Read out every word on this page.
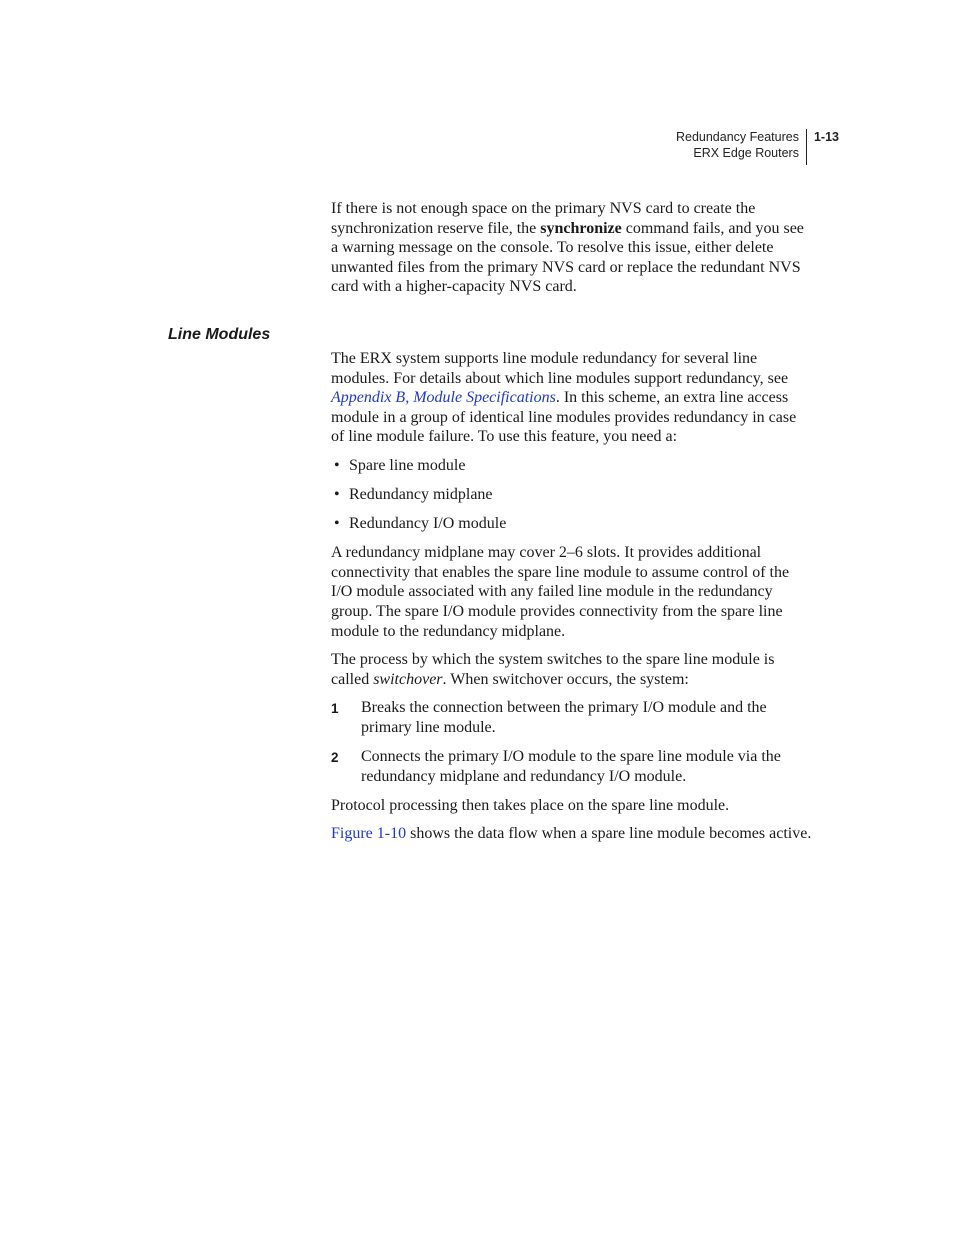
Redundancy Features
ERX Edge Routers
1-13

If there is not enough space on the primary NVS card to create the synchronization reserve file, the synchronize command fails, and you see a warning message on the console. To resolve this issue, either delete unwanted files from the primary NVS card or replace the redundant NVS card with a higher-capacity NVS card.

Line Modules

The ERX system supports line module redundancy for several line modules. For details about which line modules support redundancy, see Appendix B, Module Specifications. In this scheme, an extra line access module in a group of identical line modules provides redundancy in case of line module failure. To use this feature, you need a:

• Spare line module
• Redundancy midplane
• Redundancy I/O module

A redundancy midplane may cover 2–6 slots. It provides additional connectivity that enables the spare line module to assume control of the I/O module associated with any failed line module in the redundancy group. The spare I/O module provides connectivity from the spare line module to the redundancy midplane.

The process by which the system switches to the spare line module is called switchover. When switchover occurs, the system:

1 Breaks the connection between the primary I/O module and the primary line module.
2 Connects the primary I/O module to the spare line module via the redundancy midplane and redundancy I/O module.

Protocol processing then takes place on the spare line module.

Figure 1-10 shows the data flow when a spare line module becomes active.
